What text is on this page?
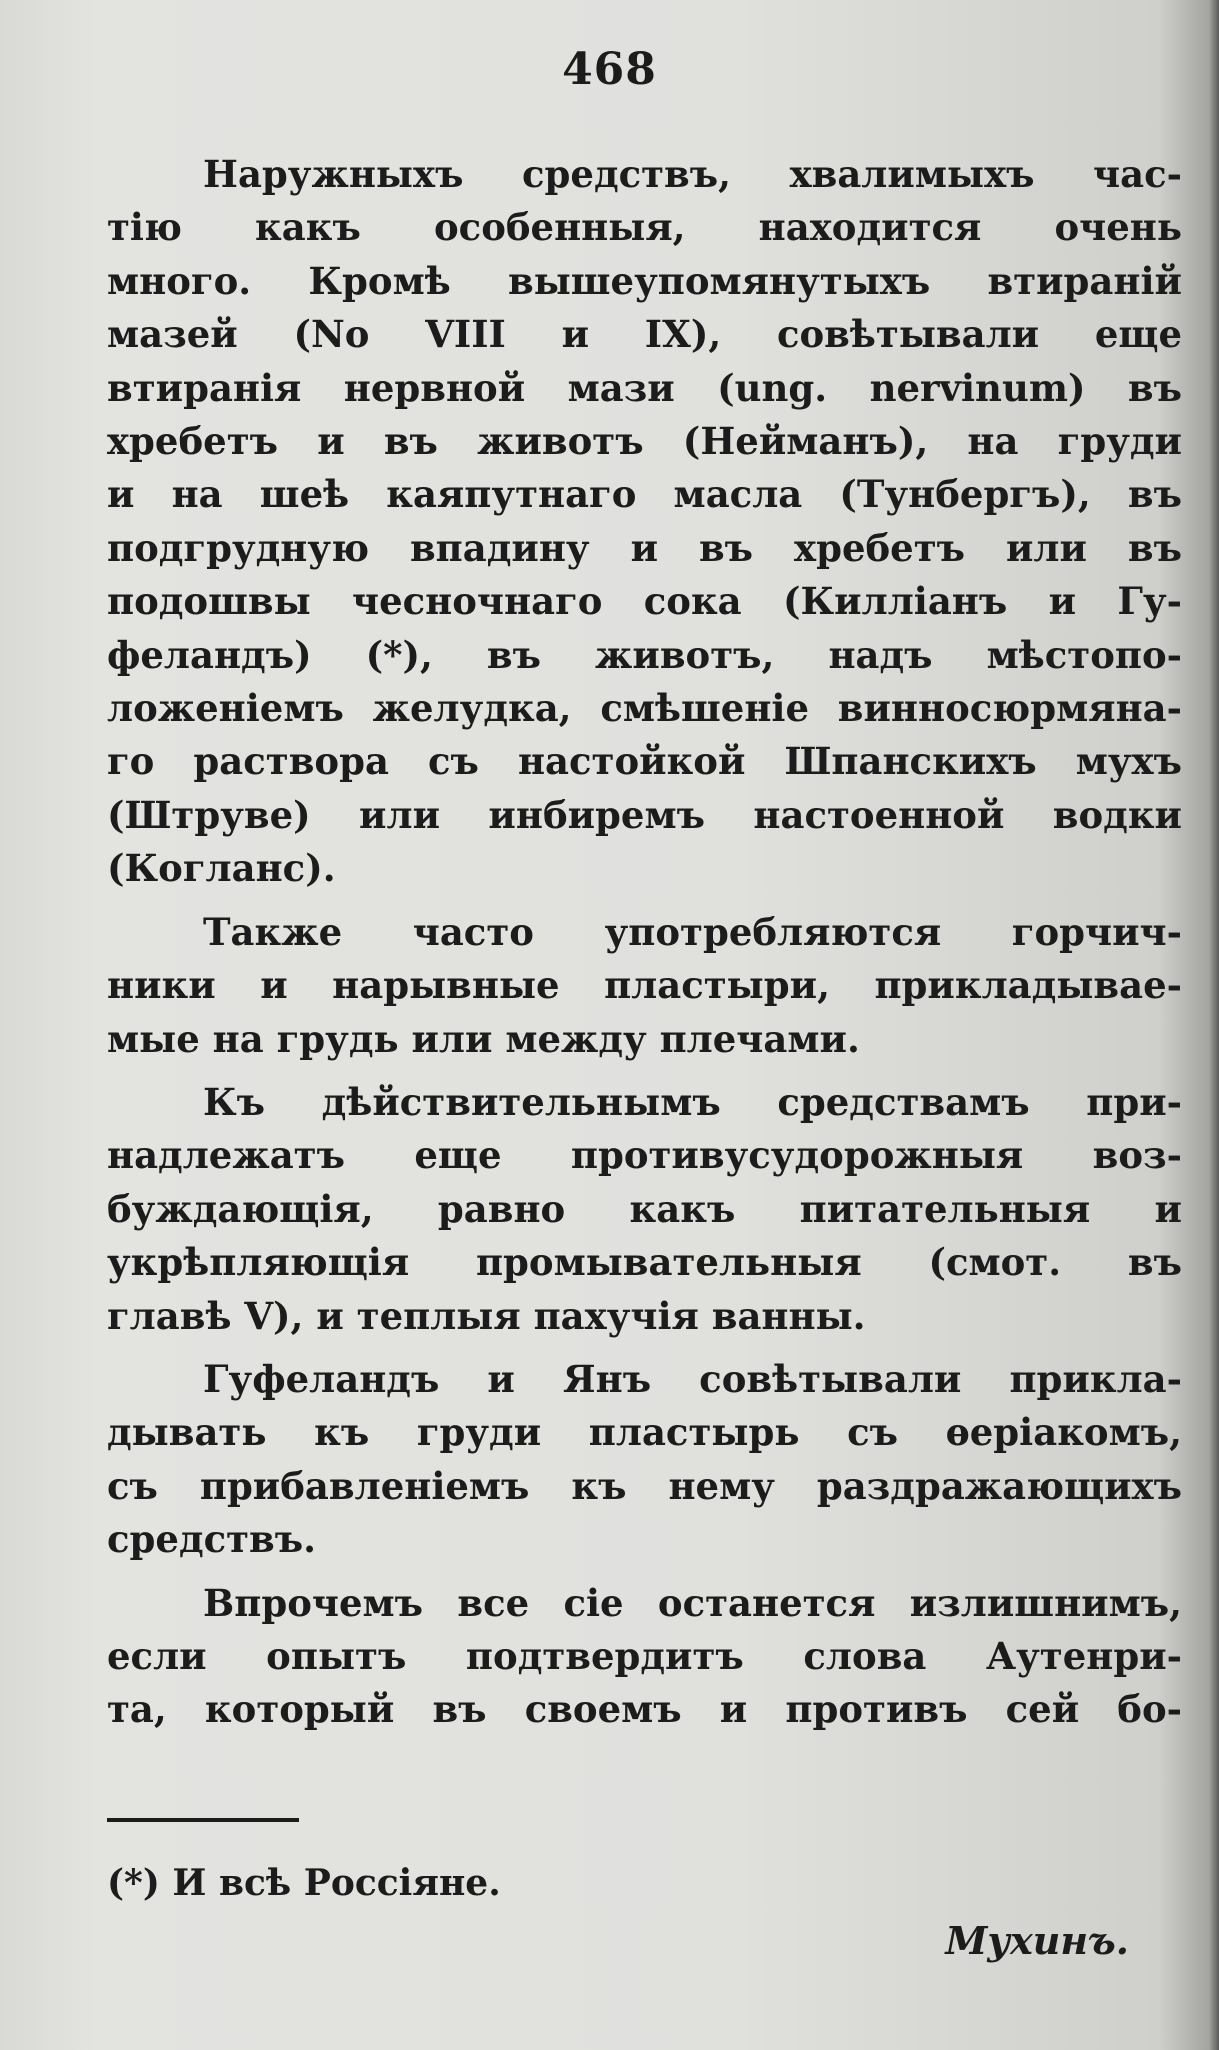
468
Наружныхъ средствъ, хвалимыхъ час-
тію какъ особенныя, находится очень
много. Кромѣ вышеупомянутыхъ втираній
мазей (No VIII и IX), совѣтывали еще
втиранія нервной мази (ung. nervinum) въ
хребетъ и въ животъ (Нейманъ), на груди
и на шеѣ каяпутнаго масла (Тунбергъ), въ
подгрудную впадину и въ хребетъ или въ
подошвы чесночнаго сока (Килліанъ и Гу-
феландъ) (*), въ животъ, надъ мѣстопо-
ложеніемъ желудка, смѣшеніе винносюрмяна-
го раствора съ настойкой Шпанскихъ мухъ
(Штруве) или инбиремъ настоенной водки
(Когланс).
Также часто употребляются горчич-
ники и нарывные пластыри, прикладывае-
мые на грудь или между плечами.
Къ дѣйствительнымъ средствамъ при-
надлежатъ еще противусудорожныя воз-
буждающія, равно какъ питательныя и
укрѣпляющія промывательныя (смот. въ
главѣ V), и теплыя пахучія ванны.
Гуфеландъ и Янъ совѣтывали прикла-
дывать къ груди пластырь съ ѳеріакомъ,
съ прибавленіемъ къ нему раздражающихъ
средствъ.
Впрочемъ все сіе останется излишнимъ,
если опытъ подтвердитъ слова Аутенри-
та, который въ своемъ и противъ сей бо-
(*) И всѣ Россіяне.
Мухинъ.
